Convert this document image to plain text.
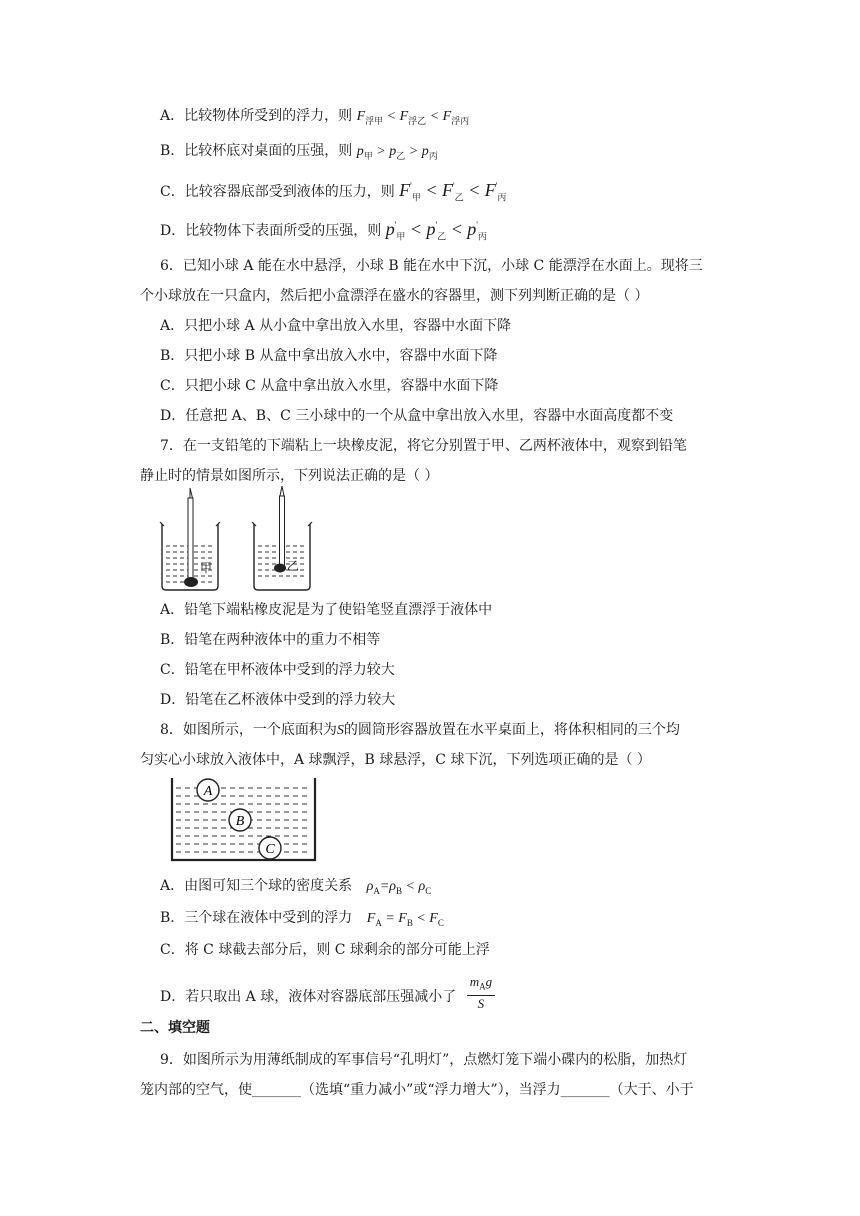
A．比较物体所受到的浮力，则 $F_{浮甲} < F_{浮乙} < F_{浮丙}$
B．比较杯底对桌面的压强，则 $p_甲 > p_乙 > p_丙$
C．比较容器底部受到液体的压力，则 $F'_甲 < F'_乙 < F'_丙$
D．比较物体下表面所受的压强，则 $p'_甲 < p'_乙 < p'_丙$
6．已知小球 A 能在水中悬浮，小球 B 能在水中下沉，小球 C 能漂浮在水面上。现将三
个小球放在一只盒内，然后把小盒漂浮在盛水的容器里，测下列判断正确的是（ ）
A．只把小球 A 从小盒中拿出放入水里，容器中水面下降
B．只把小球 B 从盒中拿出放入水中，容器中水面下降
C．只把小球 C 从盒中拿出放入水里，容器中水面下降
D．任意把 A、B、C 三小球中的一个从盒中拿出放入水里，容器中水面高度都不变
7．在一支铅笔的下端粘上一块橡皮泥，将它分别置于甲、乙两杯液体中，观察到铅笔
静止时的情景如图所示，下列说法正确的是（ ）
甲	乙
A．铅笔下端粘橡皮泥是为了使铅笔竖直漂浮于液体中
B．铅笔在两种液体中的重力不相等
C．铅笔在甲杯液体中受到的浮力较大
D．铅笔在乙杯液体中受到的浮力较大
8．如图所示，一个底面积为S的圆筒形容器放置在水平桌面上，将体积相同的三个均
匀实心小球放入液体中，A 球飘浮，B 球悬浮，C 球下沉，下列选项正确的是（ ）
A
B
C
A．由图可知三个球的密度关系 $\rho_A=\rho_B < \rho_C$
B．三个球在液体中受到的浮力 $F_A = F_B < F_C$
C．将 C 球截去部分后，则 C 球剩余的部分可能上浮
D．若只取出 A 球，液体对容器底部压强减小了 $\frac{m_Ag}{S}$
二、填空题
9．如图所示为用薄纸制成的军事信号“孔明灯”，点燃灯笼下端小碟内的松脂，加热灯
笼内部的空气，使_______（选填“重力减小”或“浮力增大”），当浮力_______（大于、小于
